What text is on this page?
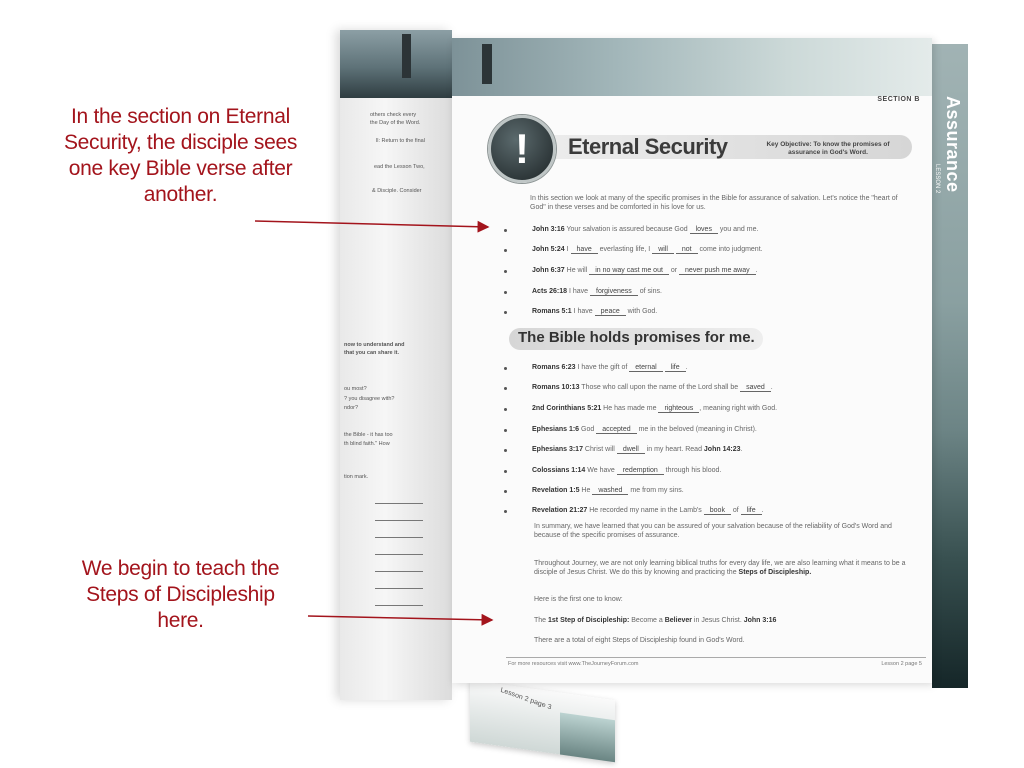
others check every
the Day of the Word.
ll: Return to the final
ead the Lesson Two,
& Disciple. Consider
now to understand and
that you can share it.
ou most?
? you disagree with?
ndor?
the Bible - it has too
th blind faith." How
tion mark.
Lesson 2 page 3
Assurance
LESSON 2
SECTION B
!	Eternal Security	Key Objective: To know the promises of assurance in God's Word.
In this section we look at many of the specific promises in the Bible for assurance of salvation. Let's notice the "heart of God" in these verses and be comforted in his love for us.
John 3:16 Your salvation is assured because God loves you and me.
John 5:24 I have everlasting life, I will not come into judgment.
John 6:37 He will in no way cast me out or never push me away .
Acts 26:18 I have forgiveness of sins.
Romans 5:1 I have peace with God.
The Bible holds promises for me.
Romans 6:23 I have the gift of eternal life .
Romans 10:13 Those who call upon the name of the Lord shall be saved .
2nd Corinthians 5:21 He has made me righteous , meaning right with God.
Ephesians 1:6 God accepted me in the beloved (meaning in Christ).
Ephesians 3:17 Christ will dwell in my heart. Read John 14:23.
Colossians 1:14 We have redemption through his blood.
Revelation 1:5 He washed me from my sins.
Revelation 21:27 He recorded my name in the Lamb's book of life .
In summary, we have learned that you can be assured of your salvation because of the reliability of God's Word and because of the specific promises of assurance.
Throughout Journey, we are not only learning biblical truths for every day life, we are also learning what it means to be a disciple of Jesus Christ. We do this by knowing and practicing the Steps of Discipleship.
Here is the first one to know:
The 1st Step of Discipleship: Become a Believer in Jesus Christ. John 3:16
There are a total of eight Steps of Discipleship found in God's Word.
For more resources visit www.TheJourneyForum.com	Lesson 2 page 5
In the section on Eternal
Security, the disciple sees
one key Bible verse after
another.
We begin to teach the
Steps of Discipleship
here.
